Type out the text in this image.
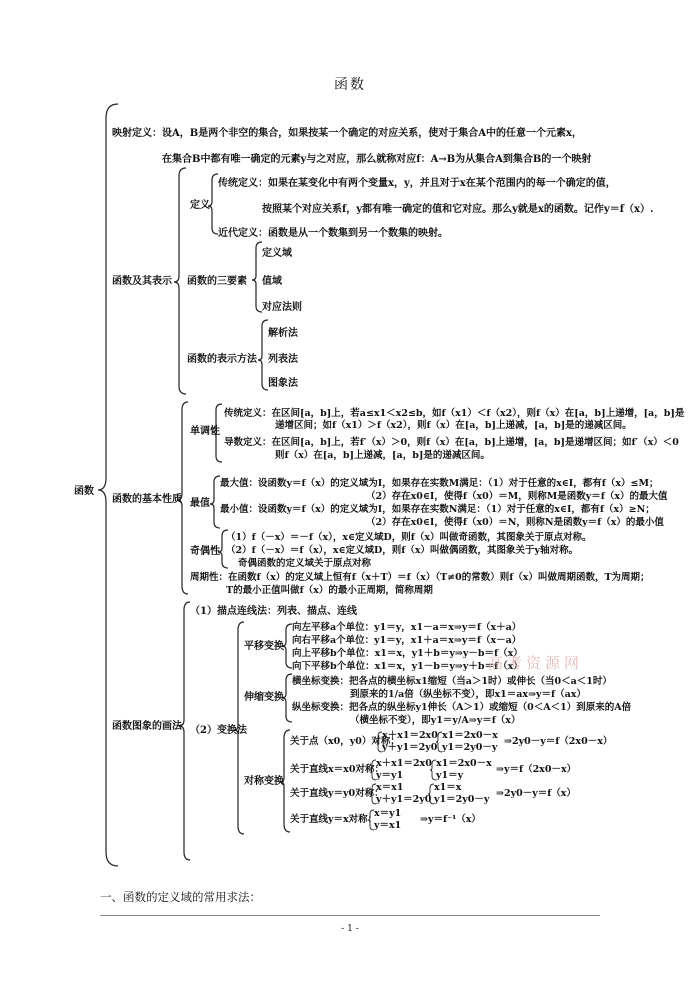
函数
函数
映射定义：设A，B是两个非空的集合，如果按某一个确定的对应关系，使对于集合A中的任意一个元素x，
在集合B中都有唯一确定的元素y与之对应，那么就称对应f：A→B为从集合A到集合B的一个映射
定义
传统定义：如果在某变化中有两个变量x，y，并且对于x在某个范围内的每一个确定的值，
按照某个对应关系f，y都有唯一确定的值和它对应。那么y就是x的函数。记作y＝f（x）.
近代定义：函数是从一个数集到另一个数集的映射。
函数及其表示 函数的三要素
定义域
值域
对应法则
函数的表示方法
解析法
列表法
图象法
函数的基本性质
单调性
传统定义：在区间[a，b]上，若a≤x1＜x2≤b，如f（x1）＜f（x2），则f（x）在[a，b]上递增，[a，b]是
递增区间；如f（x1）＞f（x2），则f（x）在[a，b]上递减，[a，b]是的递减区间。
导数定义：在区间[a，b]上，若f′（x）＞0，则f（x）在[a，b]上递增，[a，b]是递增区间；如f′（x）＜0
则f（x）在[a，b]上递减，[a，b]是的递减区间。
最值
最大值：设函数y＝f（x）的定义域为I，如果存在实数M满足：（1）对于任意的x∈I，都有f（x）≤M；
（2）存在x0∈I，使得f（x0）＝M，则称M是函数y＝f（x）的最大值
最小值：设函数y＝f（x）的定义域为I，如果存在实数N满足：（1）对于任意的x∈I，都有f（x）≥N；
（2）存在x0∈I，使得f（x0）＝N，则称N是函数y＝f（x）的最小值
奇偶性
（1）f（－x）＝－f（x），x∈定义域D，则f（x）叫做奇函数，其图象关于原点对称。
（2）f（－x）＝f（x），x∈定义域D，则f（x）叫做偶函数，其图象关于y轴对称。
奇偶函数的定义域关于原点对称
周期性：在函数f（x）的定义域上恒有f（x＋T）＝f（x）（T≠0的常数）则f（x）叫做周期函数，T为周期；
T的最小正值叫做f（x）的最小正周期，简称周期
函数图象的画法
（1）描点连线法：列表、描点、连线
（2）变换法
平移变换
向左平移a个单位：y1＝y，x1－a＝x⇒y＝f（x＋a）
向右平移a个单位：y1＝y，x1＋a＝x⇒y＝f（x－a）
向上平移b个单位：x1＝x，y1＋b＝y⇒y－b＝f（x）
向下平移b个单位：x1＝x，y1－b＝y⇒y＋b＝f（x）
伸缩变换
横坐标变换：把各点的横坐标x1缩短（当a＞1时）或伸长（当0＜a＜1时）
到原来的1/a倍（纵坐标不变），即x1＝ax⇒y＝f（ax）
纵坐标变换：把各点的纵坐标y1伸长（A＞1）或缩短（0＜A＜1）到原来的A倍
（横坐标不变），即y1＝y/A⇒y＝f（x）
对称变换
关于点（x0，y0）对称：
x＋x1＝2x0
y＋y1＝2y0
x1＝2x0－x
y1＝2y0－y
⇒2y0－y＝f（2x0－x）
关于直线x＝x0对称：
x＋x1＝2x0
y＝y1
x1＝2x0－x
y1＝y
⇒y＝f（2x0－x）
关于直线y＝y0对称：
x＝x1
y＋y1＝2y0
x1＝x
y1＝2y0－y
⇒2y0－y＝f（x）
关于直线y＝x对称：
x＝y1
y＝x1
⇒y＝f⁻¹（x）
高考资源网
一、函数的定义域的常用求法：
- 1 -
